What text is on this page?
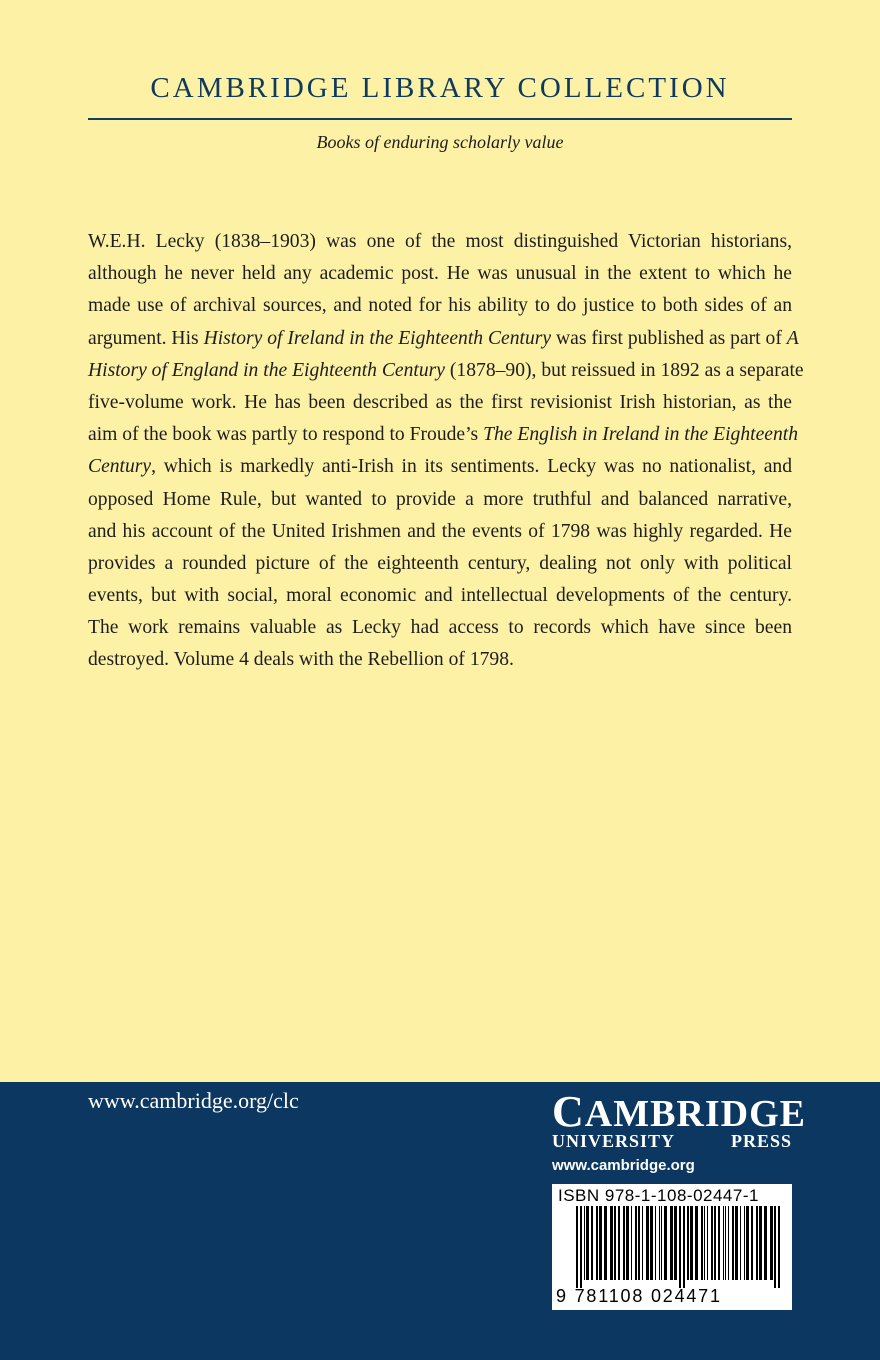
CAMBRIDGE LIBRARY COLLECTION
Books of enduring scholarly value
W.E.H. Lecky (1838–1903) was one of the most distinguished Victorian historians,
although he never held any academic post. He was unusual in the extent to which he
made use of archival sources, and noted for his ability to do justice to both sides of an
argument. His History of Ireland in the Eighteenth Century was first published as part of A
History of England in the Eighteenth Century (1878–90), but reissued in 1892 as a separate
five-volume work. He has been described as the first revisionist Irish historian, as the
aim of the book was partly to respond to Froude’s The English in Ireland in the Eighteenth
Century, which is markedly anti-Irish in its sentiments. Lecky was no nationalist, and
opposed Home Rule, but wanted to provide a more truthful and balanced narrative,
and his account of the United Irishmen and the events of 1798 was highly regarded. He
provides a rounded picture of the eighteenth century, dealing not only with political
events, but with social, moral economic and intellectual developments of the century.
The work remains valuable as Lecky had access to records which have since been
destroyed. Volume 4 deals with the Rebellion of 1798.
www.cambridge.org/clc	CAMBRIDGE
UNIVERSITY PRESS
www.cambridge.org
ISBN 978-1-108-02447-1
9 781108 024471
